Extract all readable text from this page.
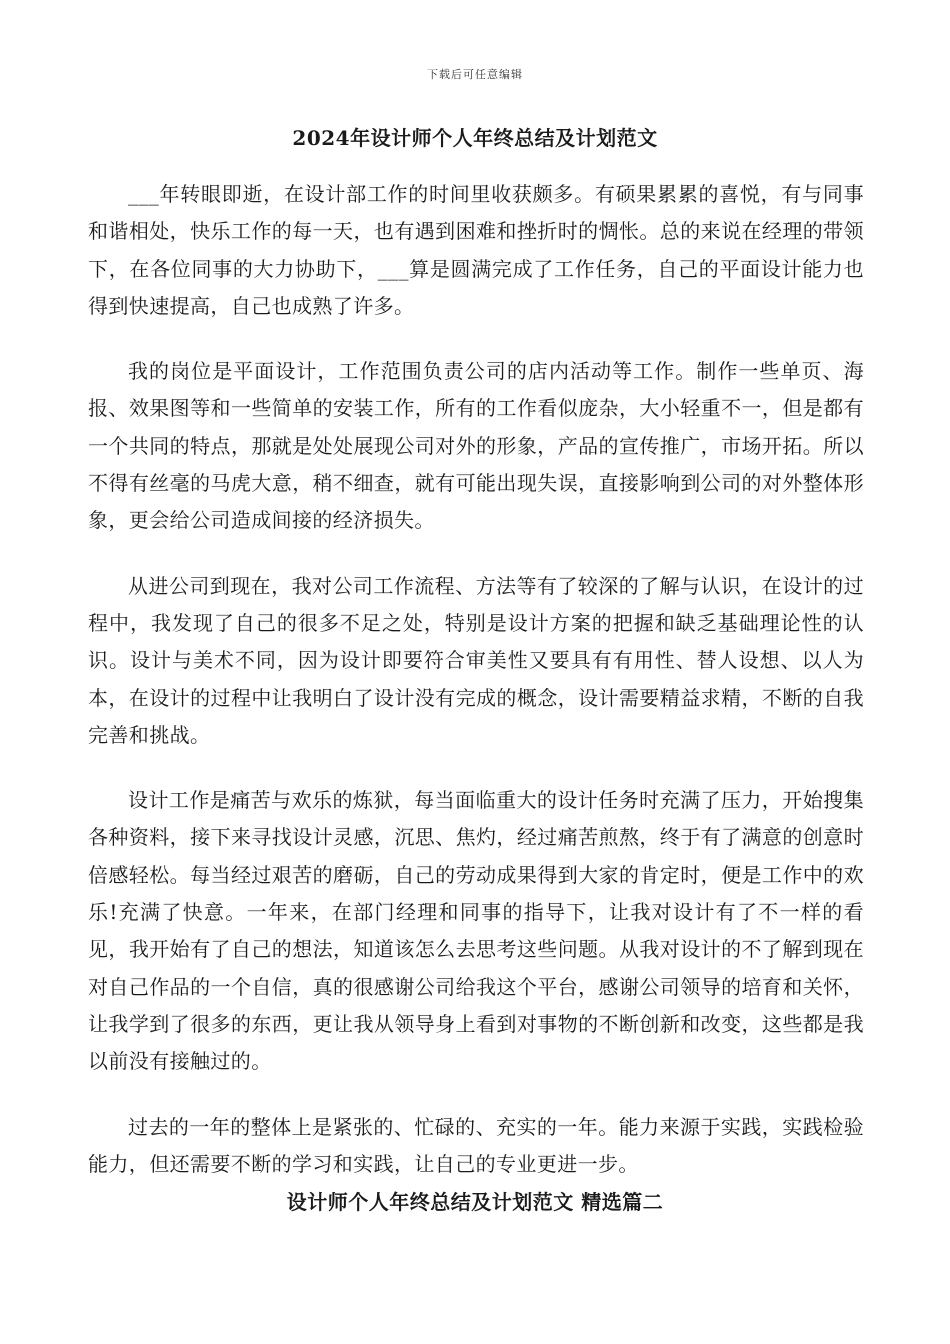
下载后可任意编辑
2024年设计师个人年终总结及计划范文

___年转眼即逝，在设计部工作的时间里收获颇多。有硕果累累的喜悦，有与同事和谐相处，快乐工作的每一天，也有遇到困难和挫折时的惆怅。总的来说在经理的带领下，在各位同事的大力协助下，___算是圆满完成了工作任务，自己的平面设计能力也得到快速提高，自己也成熟了许多。

我的岗位是平面设计，工作范围负责公司的店内活动等工作。制作一些单页、海报、效果图等和一些简单的安装工作，所有的工作看似庞杂，大小轻重不一，但是都有一个共同的特点，那就是处处展现公司对外的形象，产品的宣传推广，市场开拓。所以不得有丝毫的马虎大意，稍不细查，就有可能出现失误，直接影响到公司的对外整体形象，更会给公司造成间接的经济损失。

从进公司到现在，我对公司工作流程、方法等有了较深的了解与认识，在设计的过程中，我发现了自己的很多不足之处，特别是设计方案的把握和缺乏基础理论性的认识。设计与美术不同，因为设计即要符合审美性又要具有有用性、替人设想、以人为本，在设计的过程中让我明白了设计没有完成的概念，设计需要精益求精，不断的自我完善和挑战。

设计工作是痛苦与欢乐的炼狱，每当面临重大的设计任务时充满了压力，开始搜集各种资料，接下来寻找设计灵感，沉思、焦灼，经过痛苦煎熬，终于有了满意的创意时倍感轻松。每当经过艰苦的磨砺，自己的劳动成果得到大家的肯定时，便是工作中的欢乐!充满了快意。一年来，在部门经理和同事的指导下，让我对设计有了不一样的看见，我开始有了自己的想法，知道该怎么去思考这些问题。从我对设计的不了解到现在对自己作品的一个自信，真的很感谢公司给我这个平台，感谢公司领导的培育和关怀，让我学到了很多的东西，更让我从领导身上看到对事物的不断创新和改变，这些都是我以前没有接触过的。

过去的一年的整体上是紧张的、忙碌的、充实的一年。能力来源于实践，实践检验能力，但还需要不断的学习和实践，让自己的专业更进一步。

设计师个人年终总结及计划范文 精选篇二
